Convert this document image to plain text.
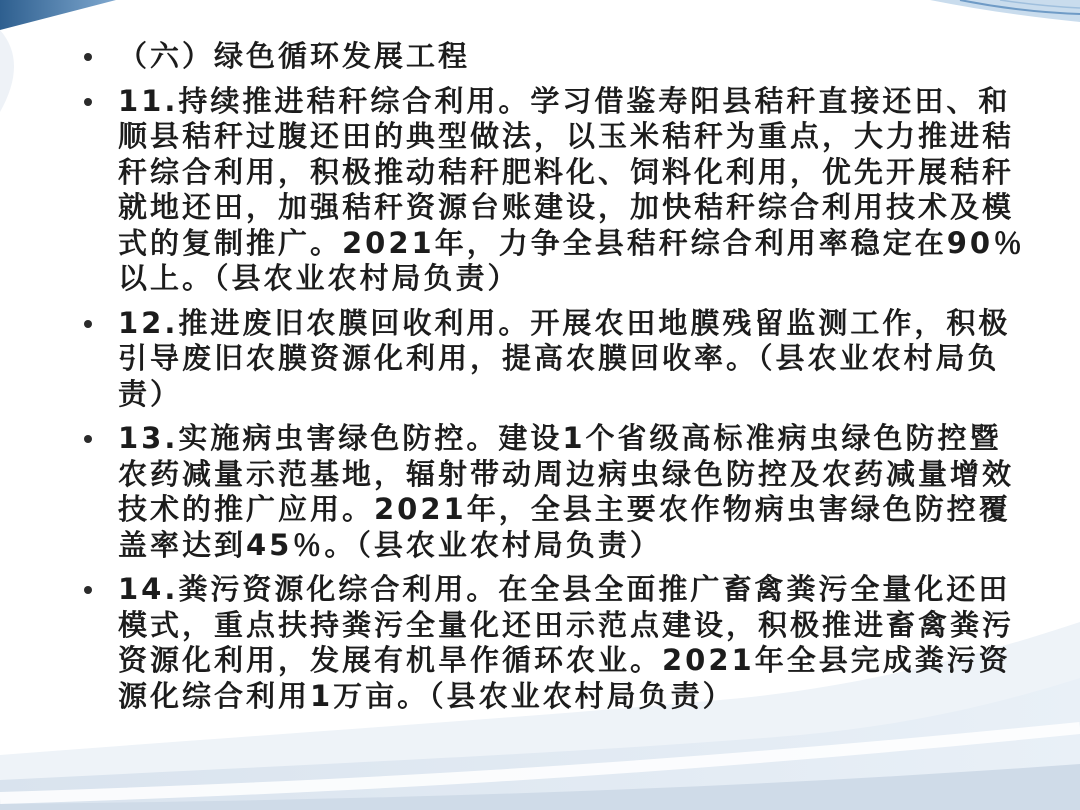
（六）绿色循环发展工程
11.持续推进秸秆综合利用。学习借鉴寿阳县秸秆直接还田、和
顺县秸秆过腹还田的典型做法，以玉米秸秆为重点，大力推进秸
秆综合利用，积极推动秸秆肥料化、饲料化利用，优先开展秸秆
就地还田，加强秸秆资源台账建设，加快秸秆综合利用技术及模
式的复制推广。2021年，力争全县秸秆综合利用率稳定在90％
以上。（县农业农村局负责）
12.推进废旧农膜回收利用。开展农田地膜残留监测工作，积极
引导废旧农膜资源化利用，提高农膜回收率。（县农业农村局负
责）
13.实施病虫害绿色防控。建设1个省级高标准病虫绿色防控暨
农药减量示范基地，辐射带动周边病虫绿色防控及农药减量增效
技术的推广应用。2021年，全县主要农作物病虫害绿色防控覆
盖率达到45％。（县农业农村局负责）
14.粪污资源化综合利用。在全县全面推广畜禽粪污全量化还田
模式，重点扶持粪污全量化还田示范点建设，积极推进畜禽粪污
资源化利用，发展有机旱作循环农业。2021年全县完成粪污资
源化综合利用1万亩。（县农业农村局负责）
